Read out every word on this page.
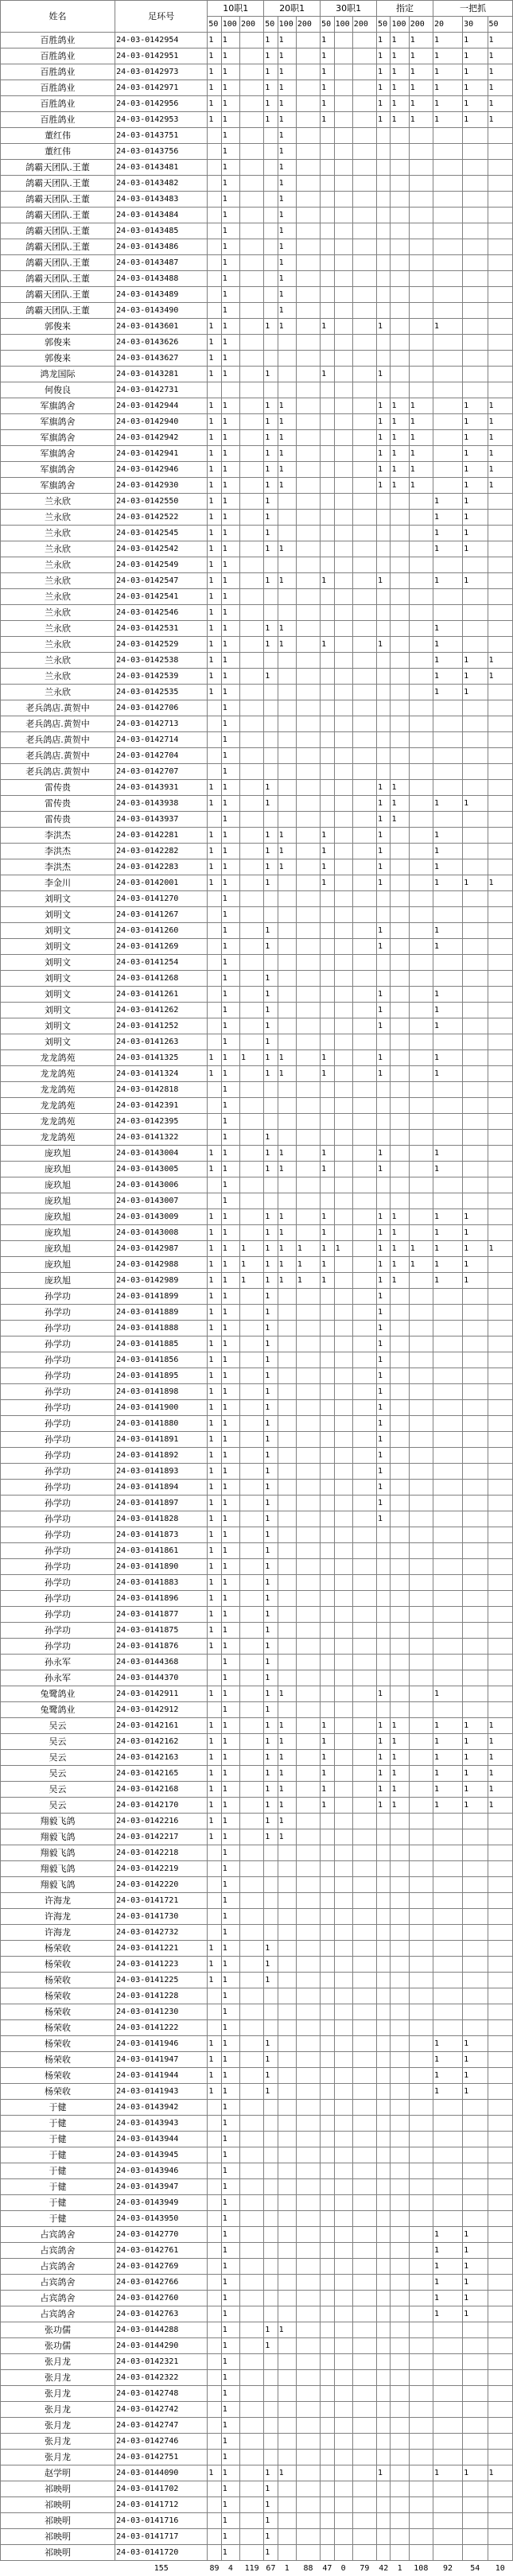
姓名	足环号	10职1			20职1			30职1			指定			一把抓		
		50	100	200	50	100	200	50	100	200	50	100	200	20	30	50
百胜鸽业	24-03-0142954	1	1		1	1		1			1	1	1	1	1	1
百胜鸽业	24-03-0142951	1	1		1	1		1			1	1	1	1	1	1
百胜鸽业	24-03-0142973	1	1		1	1		1			1	1	1	1	1	1
百胜鸽业	24-03-0142971	1	1		1	1		1			1	1	1	1	1	1
百胜鸽业	24-03-0142956	1	1		1	1		1			1	1	1	1	1	1
百胜鸽业	24-03-0142953	1	1		1	1		1			1	1	1	1	1	1
董红伟	24-03-0143751		1			1										
董红伟	24-03-0143756		1			1										
鸽霸天团队.王董	24-03-0143481		1			1										
鸽霸天团队.王董	24-03-0143482		1			1										
鸽霸天团队.王董	24-03-0143483		1			1										
鸽霸天团队.王董	24-03-0143484		1			1										
鸽霸天团队.王董	24-03-0143485		1			1										
鸽霸天团队.王董	24-03-0143486		1			1										
鸽霸天团队.王董	24-03-0143487		1			1										
鸽霸天团队.王董	24-03-0143488		1			1										
鸽霸天团队.王董	24-03-0143489		1			1										
鸽霸天团队.王董	24-03-0143490		1			1										
郭俊来	24-03-0143601	1	1		1	1		1			1			1		
郭俊来	24-03-0143626	1	1													
郭俊来	24-03-0143627	1	1													
鸿龙国际	24-03-0143281	1	1		1			1			1					
何俊良	24-03-0142731															
军旗鸽舍	24-03-0142944	1	1		1	1					1	1	1		1	1
军旗鸽舍	24-03-0142940	1	1		1	1					1	1	1		1	1
军旗鸽舍	24-03-0142942	1	1		1	1					1	1	1		1	1
军旗鸽舍	24-03-0142941	1	1		1	1					1	1	1		1	1
军旗鸽舍	24-03-0142946	1	1		1	1					1	1	1		1	1
军旗鸽舍	24-03-0142930	1	1		1	1					1	1	1		1	1
兰永欣	24-03-0142550	1	1		1									1	1	
兰永欣	24-03-0142522	1	1		1									1	1	
兰永欣	24-03-0142545	1	1		1									1	1	
兰永欣	24-03-0142542	1	1		1	1								1	1	
兰永欣	24-03-0142549	1	1													
兰永欣	24-03-0142547	1	1		1	1		1			1			1	1	
兰永欣	24-03-0142541	1	1													
兰永欣	24-03-0142546	1	1													
兰永欣	24-03-0142531	1	1		1	1								1		
兰永欣	24-03-0142529	1	1		1	1		1			1			1		
兰永欣	24-03-0142538	1	1											1	1	1
兰永欣	24-03-0142539	1	1		1									1	1	1
兰永欣	24-03-0142535	1	1											1	1	
老兵鸽店.黄贺中	24-03-0142706		1													
老兵鸽店.黄贺中	24-03-0142713		1													
老兵鸽店.黄贺中	24-03-0142714		1													
老兵鸽店.黄贺中	24-03-0142704		1													
老兵鸽店.黄贺中	24-03-0142707		1													
雷传贵	24-03-0143931	1	1		1						1	1				
雷传贵	24-03-0143938	1	1		1						1	1		1	1	
雷传贵	24-03-0143937		1								1	1				
李洪杰	24-03-0142281	1	1		1	1		1			1			1		
李洪杰	24-03-0142282	1	1		1	1		1			1			1		
李洪杰	24-03-0142283	1	1		1	1		1			1			1		
李金川	24-03-0142001	1	1		1			1			1			1	1	1
刘明文	24-03-0141270		1													
刘明文	24-03-0141267		1													
刘明文	24-03-0141260		1		1						1			1		
刘明文	24-03-0141269		1		1						1			1		
刘明文	24-03-0141254		1													
刘明文	24-03-0141268		1		1											
刘明文	24-03-0141261		1		1						1			1		
刘明文	24-03-0141262		1		1						1			1		
刘明文	24-03-0141252		1		1						1			1		
刘明文	24-03-0141263		1		1											
龙龙鸽苑	24-03-0141325	1	1	1	1	1		1			1			1		
龙龙鸽苑	24-03-0141324	1	1		1	1		1			1			1		
龙龙鸽苑	24-03-0142818		1													
龙龙鸽苑	24-03-0142391		1													
龙龙鸽苑	24-03-0142395		1													
龙龙鸽苑	24-03-0141322		1		1											
庞玖旭	24-03-0143004	1	1		1	1		1			1			1		
庞玖旭	24-03-0143005	1	1		1	1		1			1			1		
庞玖旭	24-03-0143006		1													
庞玖旭	24-03-0143007		1													
庞玖旭	24-03-0143009	1	1		1	1		1			1	1		1	1	
庞玖旭	24-03-0143008	1	1		1	1		1			1	1		1	1	
庞玖旭	24-03-0142987	1	1	1	1	1	1	1	1		1	1	1	1	1	1
庞玖旭	24-03-0142988	1	1	1	1	1	1	1			1	1	1	1	1	
庞玖旭	24-03-0142989	1	1	1	1	1	1	1			1	1		1	1	
孙学功	24-03-0141899	1	1		1						1					
孙学功	24-03-0141889	1	1		1						1					
孙学功	24-03-0141888	1	1		1						1					
孙学功	24-03-0141885	1	1		1						1					
孙学功	24-03-0141856	1	1		1						1					
孙学功	24-03-0141895	1	1		1						1					
孙学功	24-03-0141898	1	1		1						1					
孙学功	24-03-0141900	1	1		1						1					
孙学功	24-03-0141880	1	1		1						1					
孙学功	24-03-0141891	1	1		1						1					
孙学功	24-03-0141892	1	1		1						1					
孙学功	24-03-0141893	1	1		1						1					
孙学功	24-03-0141894	1	1		1						1					
孙学功	24-03-0141897	1	1		1						1					
孙学功	24-03-0141828	1	1		1						1					
孙学功	24-03-0141873	1	1		1											
孙学功	24-03-0141861	1	1		1											
孙学功	24-03-0141890	1	1		1											
孙学功	24-03-0141883	1	1		1											
孙学功	24-03-0141896	1	1		1											
孙学功	24-03-0141877	1	1		1											
孙学功	24-03-0141875	1	1		1											
孙学功	24-03-0141876	1	1		1											
孙永军	24-03-0144368		1		1											
孙永军	24-03-0144370		1		1											
兔鹭鸽业	24-03-0142911	1	1		1	1					1			1		
兔鹭鸽业	24-03-0142912		1		1											
吴云	24-03-0142161	1	1		1	1		1			1	1		1	1	1
吴云	24-03-0142162	1	1		1	1		1			1	1		1	1	1
吴云	24-03-0142163	1	1		1	1		1			1	1		1	1	1
吴云	24-03-0142165	1	1		1	1		1			1	1		1	1	1
吴云	24-03-0142168	1	1		1	1		1			1	1		1	1	1
吴云	24-03-0142170	1	1		1	1		1			1	1		1	1	1
翔毅飞鸽	24-03-0142216	1	1		1	1										
翔毅飞鸽	24-03-0142217	1	1		1	1										
翔毅飞鸽	24-03-0142218		1													
翔毅飞鸽	24-03-0142219		1													
翔毅飞鸽	24-03-0142220		1													
许海龙	24-03-0141721		1													
许海龙	24-03-0141730		1													
许海龙	24-03-0142732		1													
杨荣收	24-03-0141221	1	1		1											
杨荣收	24-03-0141223	1	1		1											
杨荣收	24-03-0141225	1	1		1											
杨荣收	24-03-0141228		1													
杨荣收	24-03-0141230		1													
杨荣收	24-03-0141222		1													
杨荣收	24-03-0141946	1	1		1									1	1	
杨荣收	24-03-0141947	1	1		1									1	1	
杨荣收	24-03-0141944	1	1		1									1	1	
杨荣收	24-03-0141943	1	1		1									1	1	
于健	24-03-0143942		1													
于健	24-03-0143943		1													
于健	24-03-0143944		1													
于健	24-03-0143945		1													
于健	24-03-0143946		1													
于健	24-03-0143947		1													
于健	24-03-0143949		1													
于健	24-03-0143950		1													
占宾鸽舍	24-03-0142770		1											1	1	
占宾鸽舍	24-03-0142761		1											1	1	
占宾鸽舍	24-03-0142769		1											1	1	
占宾鸽舍	24-03-0142766		1											1	1	
占宾鸽舍	24-03-0142760		1											1	1	
占宾鸽舍	24-03-0142763		1											1	1	
张功儒	24-03-0144288		1		1	1										
张功儒	24-03-0144290		1		1											
张月龙	24-03-0142321		1													
张月龙	24-03-0142322		1													
张月龙	24-03-0142748		1													
张月龙	24-03-0142742		1													
张月龙	24-03-0142747		1													
张月龙	24-03-0142746		1													
张月龙	24-03-0142751		1													
赵学明	24-03-0144090	1	1		1	1					1			1	1	1
祁映明	24-03-0141702		1		1											
祁映明	24-03-0141712		1		1											
祁映明	24-03-0141716		1		1											
祁映明	24-03-0141717		1		1											
祁映明	24-03-0141720		1		1											
	155	89	4	119	67	1	88	47	0	79	42	1	108	92	54	10
